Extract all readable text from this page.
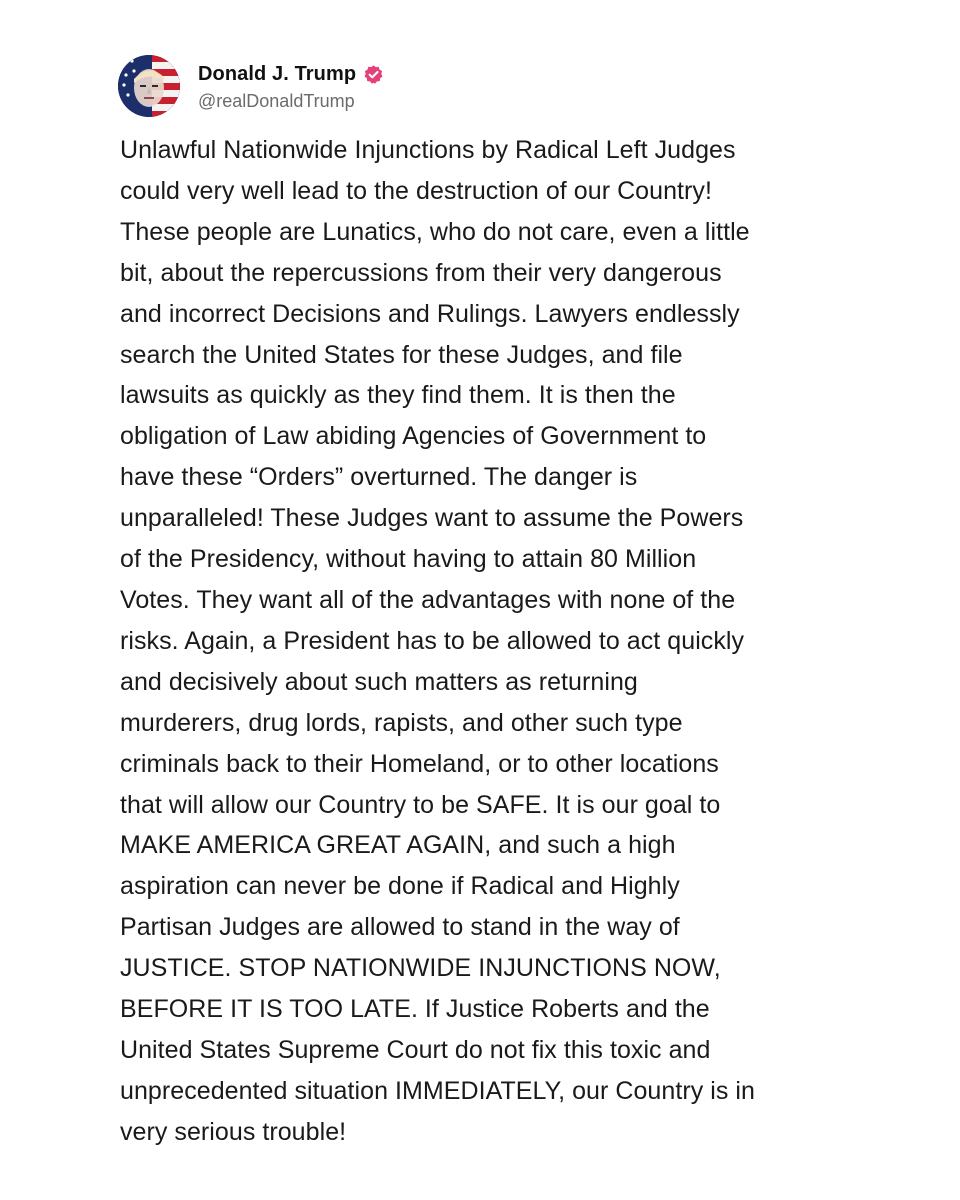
Donald J. Trump
@realDonaldTrump
Unlawful Nationwide Injunctions by Radical Left Judges
could very well lead to the destruction of our Country!
These people are Lunatics, who do not care, even a little
bit, about the repercussions from their very dangerous
and incorrect Decisions and Rulings. Lawyers endlessly
search the United States for these Judges, and file
lawsuits as quickly as they find them. It is then the
obligation of Law abiding Agencies of Government to
have these “Orders” overturned. The danger is
unparalleled! These Judges want to assume the Powers
of the Presidency, without having to attain 80 Million
Votes. They want all of the advantages with none of the
risks. Again, a President has to be allowed to act quickly
and decisively about such matters as returning
murderers, drug lords, rapists, and other such type
criminals back to their Homeland, or to other locations
that will allow our Country to be SAFE. It is our goal to
MAKE AMERICA GREAT AGAIN, and such a high
aspiration can never be done if Radical and Highly
Partisan Judges are allowed to stand in the way of
JUSTICE. STOP NATIONWIDE INJUNCTIONS NOW,
BEFORE IT IS TOO LATE. If Justice Roberts and the
United States Supreme Court do not fix this toxic and
unprecedented situation IMMEDIATELY, our Country is in
very serious trouble!
